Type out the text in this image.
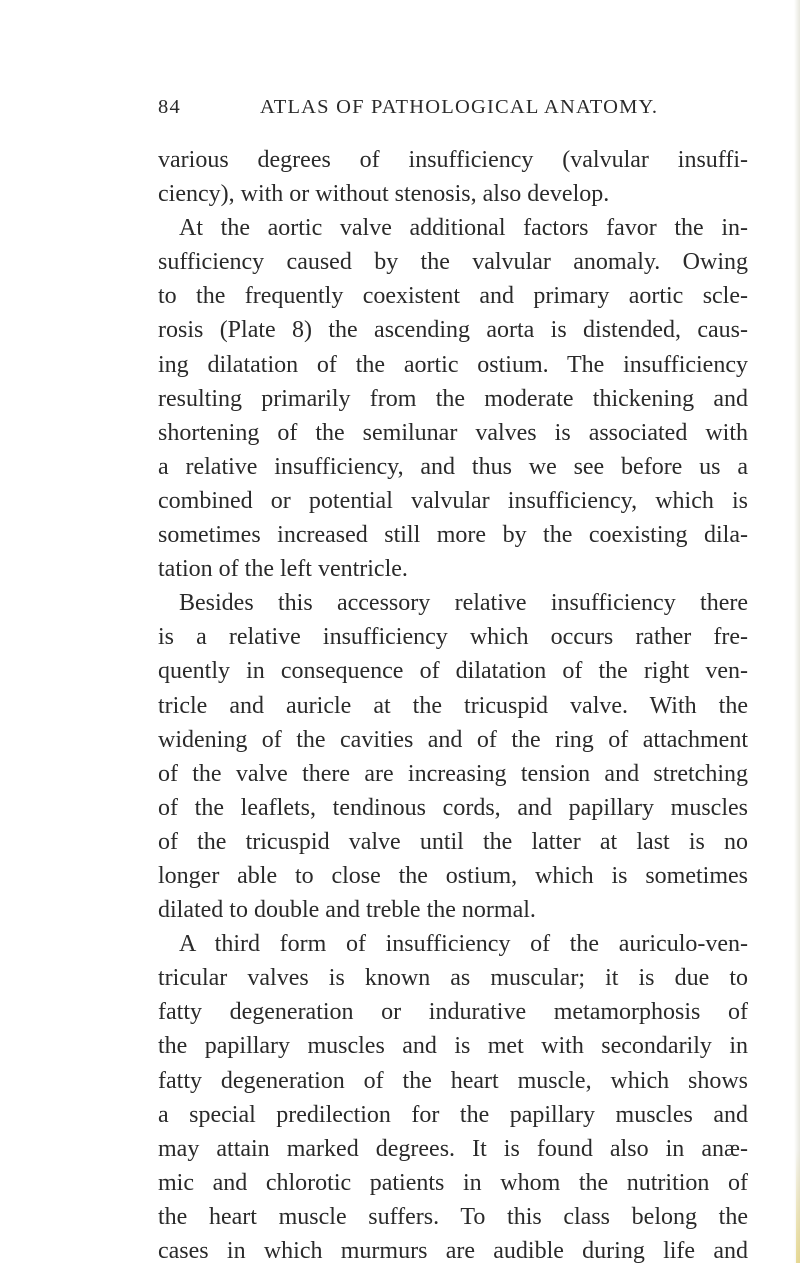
84	ATLAS OF PATHOLOGICAL ANATOMY.
various degrees of insufficiency (valvular insuffi-
ciency), with or without stenosis, also develop.
At the aortic valve additional factors favor the in-
sufficiency caused by the valvular anomaly. Owing
to the frequently coexistent and primary aortic scle-
rosis (Plate 8) the ascending aorta is distended, caus-
ing dilatation of the aortic ostium. The insufficiency
resulting primarily from the moderate thickening and
shortening of the semilunar valves is associated with
a relative insufficiency, and thus we see before us a
combined or potential valvular insufficiency, which is
sometimes increased still more by the coexisting dila-
tation of the left ventricle.
Besides this accessory relative insufficiency there
is a relative insufficiency which occurs rather fre-
quently in consequence of dilatation of the right ven-
tricle and auricle at the tricuspid valve. With the
widening of the cavities and of the ring of attachment
of the valve there are increasing tension and stretching
of the leaflets, tendinous cords, and papillary muscles
of the tricuspid valve until the latter at last is no
longer able to close the ostium, which is sometimes
dilated to double and treble the normal.
A third form of insufficiency of the auriculo-ven-
tricular valves is known as muscular; it is due to
fatty degeneration or indurative metamorphosis of
the papillary muscles and is met with secondarily in
fatty degeneration of the heart muscle, which shows
a special predilection for the papillary muscles and
may attain marked degrees. It is found also in anæ-
mic and chlorotic patients in whom the nutrition of
the heart muscle suffers. To this class belong the
cases in which murmurs are audible during life and
